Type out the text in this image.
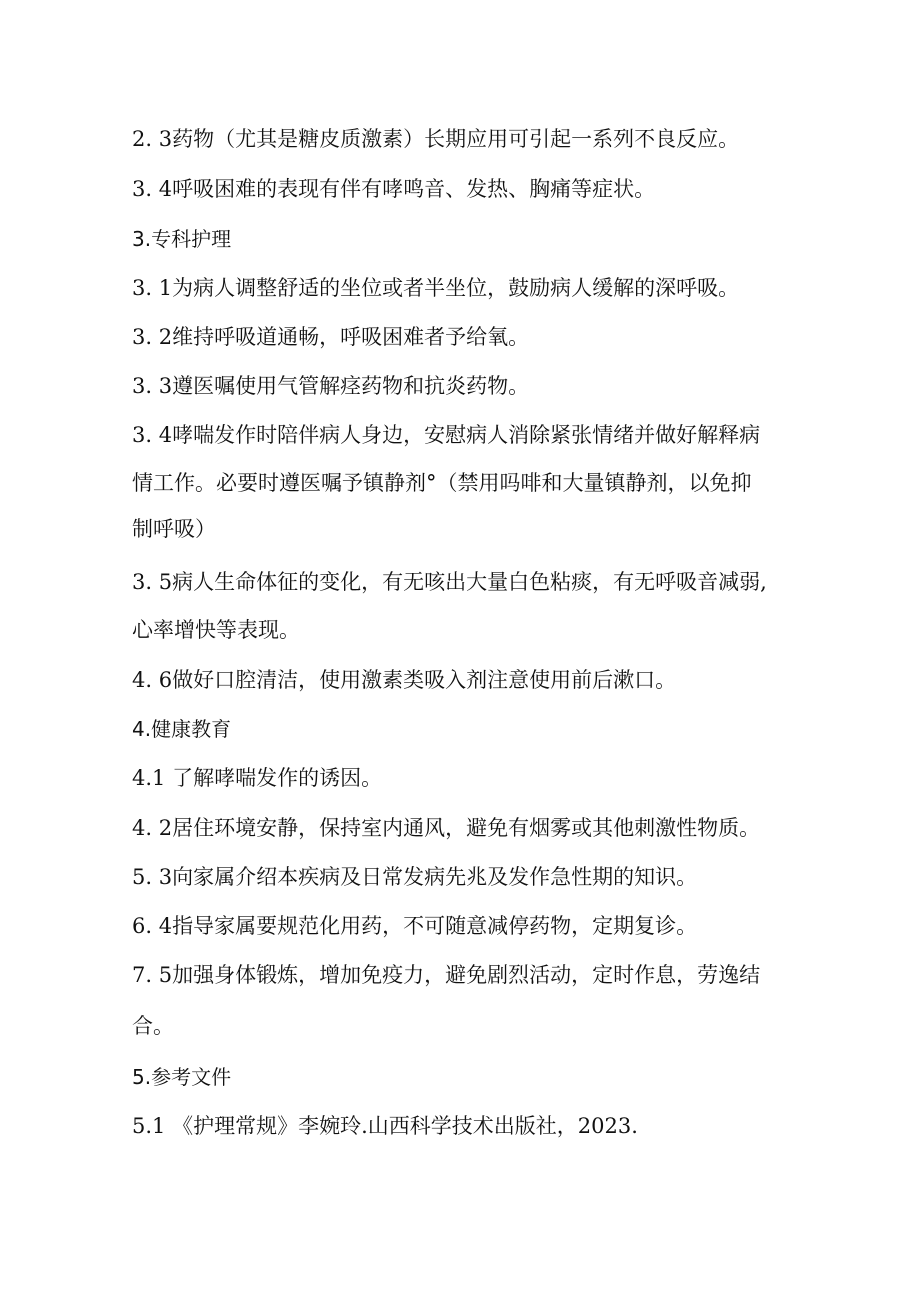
2. 3药物（尤其是糖皮质激素）长期应用可引起一系列不良反应。
3. 4呼吸困难的表现有伴有哮鸣音、发热、胸痛等症状。
3.专科护理
3. 1为病人调整舒适的坐位或者半坐位，鼓励病人缓解的深呼吸。
3. 2维持呼吸道通畅，呼吸困难者予给氧。
3. 3遵医嘱使用气管解痉药物和抗炎药物。
3. 4哮喘发作时陪伴病人身边，安慰病人消除紧张情绪并做好解释病
情工作。必要时遵医嘱予镇静剂°（禁用吗啡和大量镇静剂，以免抑
制呼吸）
3. 5病人生命体征的变化，有无咳出大量白色粘痰，有无呼吸音减弱,
心率增快等表现。
4. 6做好口腔清洁，使用激素类吸入剂注意使用前后漱口。
4.健康教育
4.1 了解哮喘发作的诱因。
4. 2居住环境安静，保持室内通风，避免有烟雾或其他刺激性物质。
5. 3向家属介绍本疾病及日常发病先兆及发作急性期的知识。
6. 4指导家属要规范化用药，不可随意减停药物，定期复诊。
7. 5加强身体锻炼，增加免疫力，避免剧烈活动，定时作息，劳逸结
合。
5.参考文件
5.1 《护理常规》李婉玲.山西科学技术出版社，2023.
